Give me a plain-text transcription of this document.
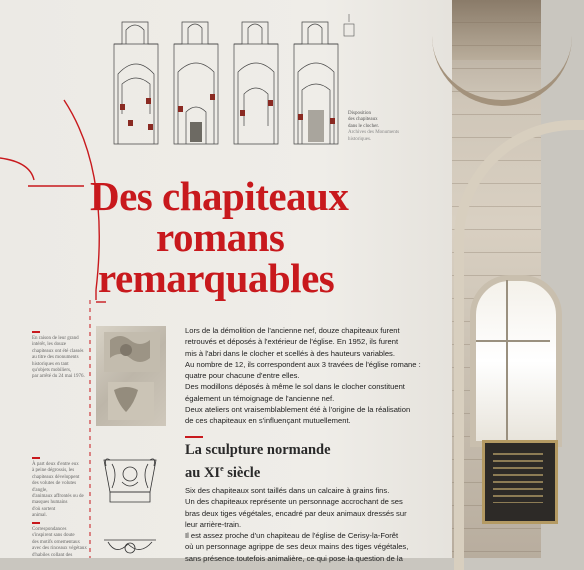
Disposition
des chapiteaux
dans le clocher.
Archives des Monuments historiques.
Des chapiteaux
romans
remarquables
En raison de leur grand
intérêt, les douze
chapiteaux ont été classés
au titre des monuments
historiques en tant
qu'objets mobiliers,
par arrêté du 24 mai 1976.
À part deux d'entre eux
à peine dégrossis, les
chapiteaux développent
des volutes de volutes d'angle,
d'animaux affrontés ou de
masques humains
d'où sortent
animal.
Correspondances
s'inspirent sans doute
des motifs ornementaux
avec des rinceaux végétaux
d'habiles collant des

Lors de la démolition de l'ancienne nef, douze chapiteaux furent

retrouvés et déposés à l'extérieur de l'église. En 1952, ils furent

mis à l'abri dans le clocher et scellés à des hauteurs variables.

Au nombre de 12, ils correspondent aux 3 travées de l'église romane :

quatre pour chacune d'entre elles.

Des modillons déposés à même le sol dans le clocher constituent

également un témoignage de l'ancienne nef.

Deux ateliers ont vraisemblablement été à l'origine de la réalisation

de ces chapiteaux en s'influençant mutuellement.

La sculpture normande
au XIe siècle

Six des chapiteaux sont taillés dans un calcaire à grains fins.

Un des chapiteaux représente un personnage accrochant de ses

bras deux tiges végétales, encadré par deux animaux dressés sur

leur arrière-train.

Il est assez proche d'un chapiteau de l'église de Cerisy-la-Forêt

où un personnage agrippe de ses deux mains des tiges végétales,

sans présence toutefois animalière, ce qui pose la question de la
